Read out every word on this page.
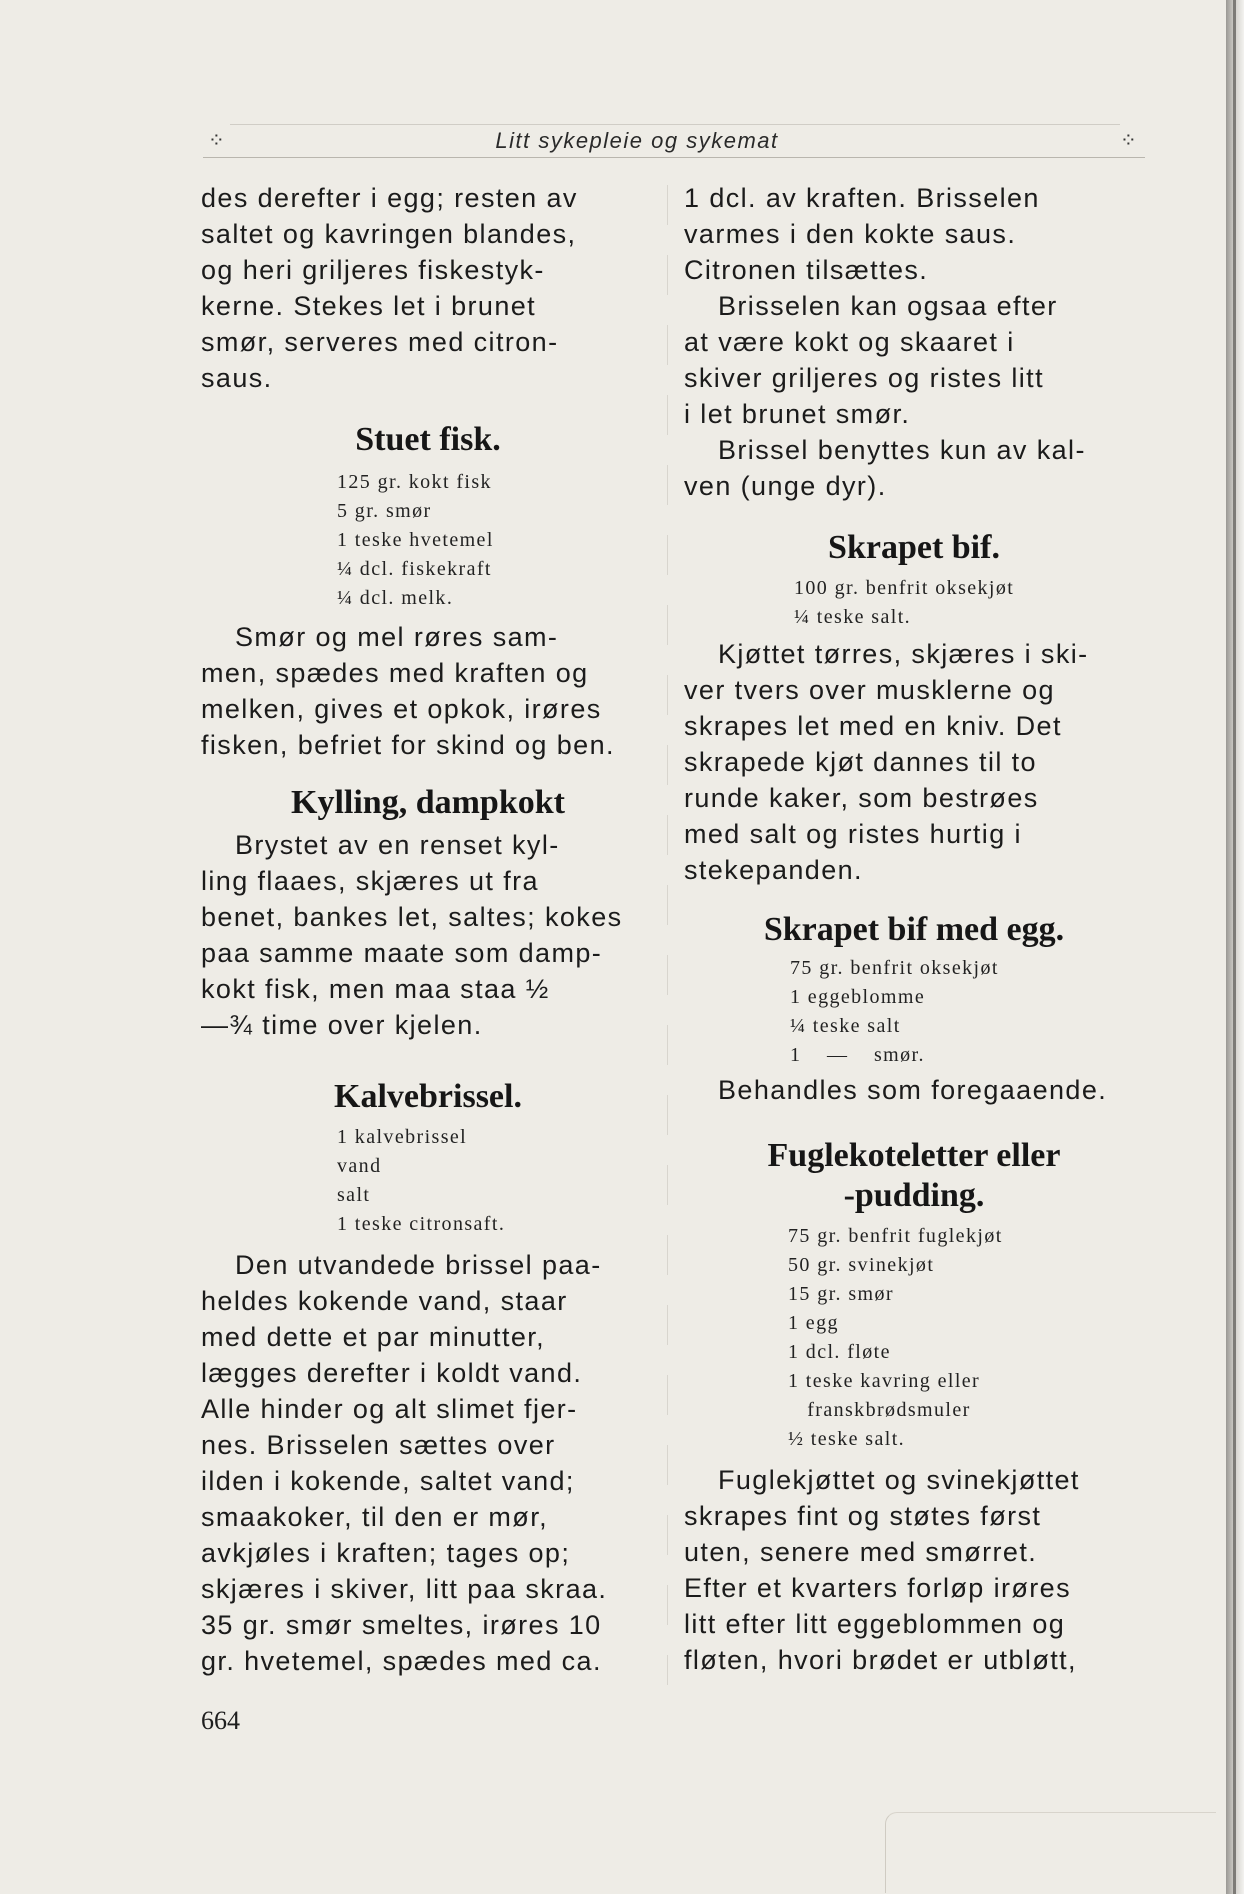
⁘	Litt sykepleie og sykemat	⁘

des derefter i egg; resten av
saltet og kavringen blandes,
og heri griljeres fiskestyk-
kerne. Stekes let i brunet
smør, serveres med citron-
saus.

Stuet fisk.
125 gr. kokt fisk
5 gr. smør
1 teske hvetemel
¼ dcl. fiskekraft
¼ dcl. melk.

Smør og mel røres sam-
men, spædes med kraften og
melken, gives et opkok, irøres
fisken, befriet for skind og ben.

Kylling, dampkokt

Brystet av en renset kyl-
ling flaaes, skjæres ut fra
benet, bankes let, saltes; kokes
paa samme maate som damp-
kokt fisk, men maa staa ½
—¾ time over kjelen.

Kalvebrissel.
1 kalvebrissel
vand
salt
1 teske citronsaft.

Den utvandede brissel paa-
heldes kokende vand, staar
med dette et par minutter,
lægges derefter i koldt vand.
Alle hinder og alt slimet fjer-
nes. Brisselen sættes over
ilden i kokende, saltet vand;
smaakoker, til den er mør,
avkjøles i kraften; tages op;
skjæres i skiver, litt paa skraa.
35 gr. smør smeltes, irøres 10
gr. hvetemel, spædes med ca.

1 dcl. av kraften. Brisselen
varmes i den kokte saus.
Citronen tilsættes.

Brisselen kan ogsaa efter
at være kokt og skaaret i
skiver griljeres og ristes litt
i let brunet smør.

Brissel benyttes kun av kal-
ven (unge dyr).

Skrapet bif.
100 gr. benfrit oksekjøt
¼ teske salt.

Kjøttet tørres, skjæres i ski-
ver tvers over musklerne og
skrapes let med en kniv. Det
skrapede kjøt dannes til to
runde kaker, som bestrøes
med salt og ristes hurtig i
stekepanden.

Skrapet bif med egg.
75 gr. benfrit oksekjøt
1 eggeblomme
¼ teske salt
1    —    smør.

Behandles som foregaaende.

Fuglekoteletter eller
-pudding.
75 gr. benfrit fuglekjøt
50 gr. svinekjøt
15 gr. smør
1 egg
1 dcl. fløte
1 teske kavring eller
franskbrødsmuler
½ teske salt.

Fuglekjøttet og svinekjøttet
skrapes fint og støtes først
uten, senere med smørret.
Efter et kvarters forløp irøres
litt efter litt eggeblommen og
fløten, hvori brødet er utbløtt,

664
